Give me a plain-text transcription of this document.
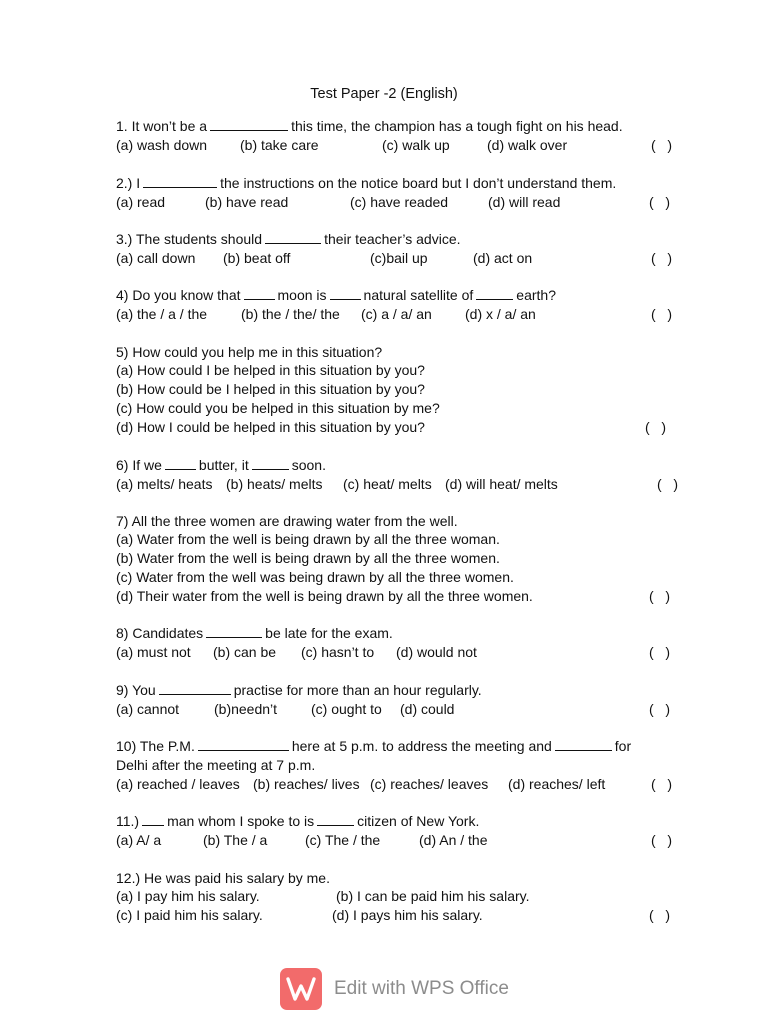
Test Paper -2 (English)
1. It won’t be a	this time, the champion has a tough fight on his head.
(a) wash down (b) take care	(c) walk up	(d) walk over	(   )
2.) I	the instructions on the notice board but I don’t understand them.
(a) read	(b) have read	(c) have readed	(d) will read	(   )
3.) The students should	their teacher’s advice.
(a) call down (b) beat off	(c)bail up	(d) act on	(   )
4) Do you know that	moon is	natural satellite of	earth?
(a) the / a / the (b) the / the/ the (c) a / a/ an (d) x / a/ an	(   )
5) How could you help me in this situation?
(a) How could I be helped in this situation by you?
(b) How could be I helped in this situation by you?
(c) How could you be helped in this situation by me?
(d) How I could be helped in this situation by you?	(   )
6) If we	butter, it	soon.
(a) melts/ heats (b) heats/ melts (c) heat/ melts (d) will heat/ melts	(   )
7) All the three women are drawing water from the well.
(a) Water from the well is being drawn by all the three woman.
(b) Water from the well is being drawn by all the three women.
(c) Water from the well was being drawn by all the three women.
(d) Their water from the well is being drawn by all the three women.	(   )
8) Candidates	be late for the exam.
(a) must not (b) can be (c) hasn’t to (d) would not	(   )
9) You	practise for more than an hour regularly.
(a) cannot (b)needn’t (c) ought to (d) could	(   )
10) The P.M.	here at 5 p.m. to address the meeting and	for
Delhi after the meeting at 7 p.m.
(a) reached / leaves (b) reaches/ lives (c) reaches/ leaves (d) reaches/ left	(   )
11.) man whom I spoke to is	citizen of New York.
(a) A/ a	(b) The / a	(c) The / the	(d) An / the	(   )
12.) He was paid his salary by me.
(a) I pay him his salary.	(b) I can be paid him his salary.
(c) I paid him his salary.	(d) I pays him his salary.	(   )
Edit with WPS Office
